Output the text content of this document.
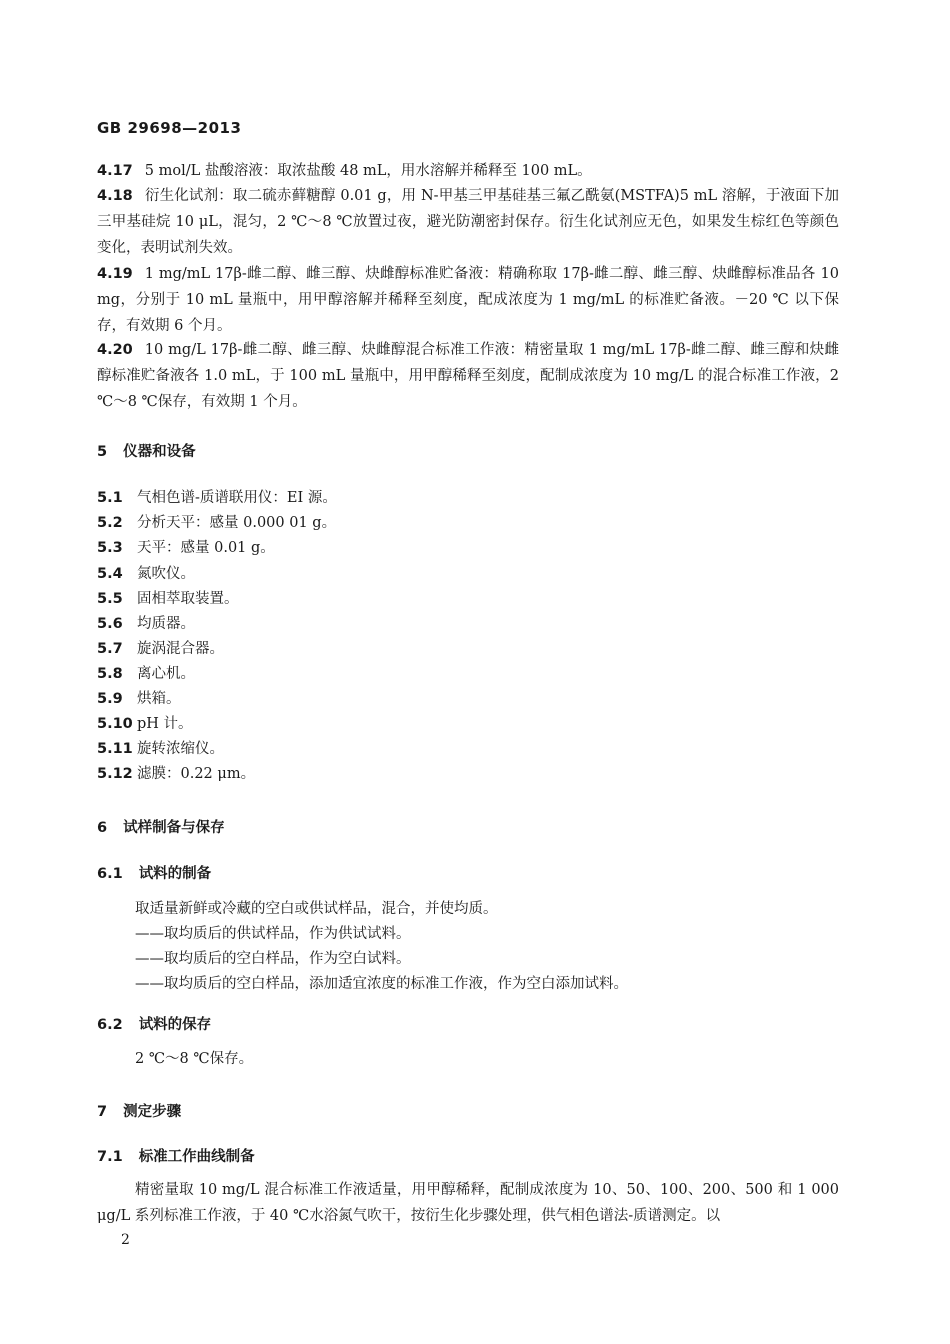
GB 29698—2013
4.17 5 mol/L 盐酸溶液：取浓盐酸 48 mL，用水溶解并稀释至 100 mL。
4.18 衍生化试剂：取二硫赤藓糖醇 0.01 g，用 N-甲基三甲基硅基三氟乙酰氨(MSTFA)5 mL 溶解，于液面下加三甲基硅烷 10 μL，混匀，2 ℃～8 ℃放置过夜，避光防潮密封保存。衍生化试剂应无色，如果发生棕红色等颜色变化，表明试剂失效。
4.19 1 mg/mL 17β-雌二醇、雌三醇、炔雌醇标准贮备液：精确称取 17β-雌二醇、雌三醇、炔雌醇标准品各 10 mg，分别于 10 mL 量瓶中，用甲醇溶解并稀释至刻度，配成浓度为 1 mg/mL 的标准贮备液。－20 ℃ 以下保存，有效期 6 个月。
4.20 10 mg/L 17β-雌二醇、雌三醇、炔雌醇混合标准工作液：精密量取 1 mg/mL 17β-雌二醇、雌三醇和炔雌醇标准贮备液各 1.0 mL，于 100 mL 量瓶中，用甲醇稀释至刻度，配制成浓度为 10 mg/L 的混合标准工作液，2 ℃～8 ℃保存，有效期 1 个月。
5 仪器和设备
5.1 气相色谱-质谱联用仪：EI 源。
5.2 分析天平：感量 0.000 01 g。
5.3 天平：感量 0.01 g。
5.4 氮吹仪。
5.5 固相萃取装置。
5.6 均质器。
5.7 旋涡混合器。
5.8 离心机。
5.9 烘箱。
5.10 pH 计。
5.11 旋转浓缩仪。
5.12 滤膜：0.22 μm。
6 试样制备与保存
6.1 试料的制备
取适量新鲜或冷藏的空白或供试样品，混合，并使均质。
——取均质后的供试样品，作为供试试料。
——取均质后的空白样品，作为空白试料。
——取均质后的空白样品，添加适宜浓度的标准工作液，作为空白添加试料。
6.2 试料的保存
2 ℃～8 ℃保存。
7 测定步骤
7.1 标准工作曲线制备
精密量取 10 mg/L 混合标准工作液适量，用甲醇稀释，配制成浓度为 10、50、100、200、500 和 1 000 μg/L 系列标准工作液，于 40 ℃水浴氮气吹干，按衍生化步骤处理，供气相色谱法-质谱测定。以
2
